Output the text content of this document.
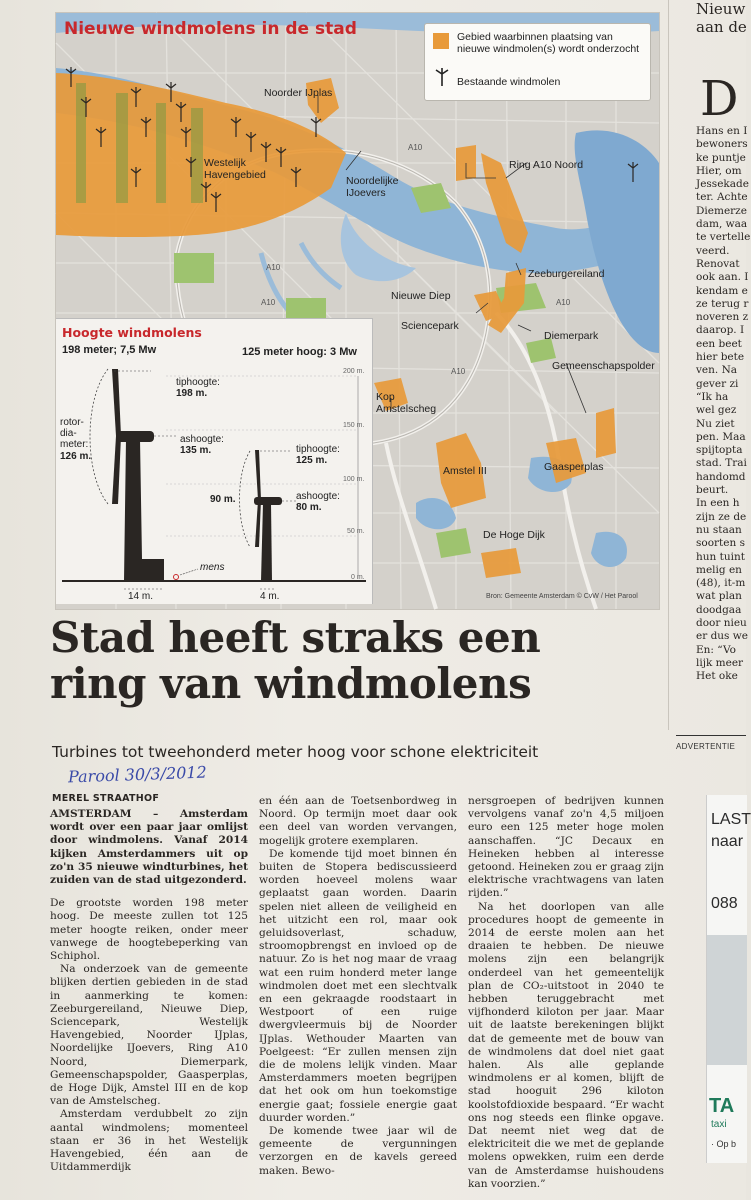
Nieuwe windmolens in de stad	Gebied waarbinnen plaatsing van nieuwe windmolen(s) wordt onderzocht
Bestaande windmolen
Noorder IJplas
Westelijk Havengebied	Noordelijke IJoevers
Ring A10 Noord
Zeeburgereiland
Nieuwe Diep
Sciencepark
Diemerpark
Gemeenschapspolder
Kop Amstelscheg
Amstel III	Gaasperplas
De Hoge Dijk
A10
A10
A10
A10
A10
Bron: Gemeente Amsterdam © CvW / Het Parool
Hoogte windmolens
198 meter; 7,5 Mw	125 meter hoog: 3 Mw
tiphoogte:
198 m.
ashoogte:
135 m.
rotor-
dia-
meter:
126 m.
tiphoogte:
125 m.
ashoogte:
80 m.
90 m.
mens
14 m.	4 m.
200 m.
150 m.
100 m.
50 m.
0 m.
Stad heeft straks een
ring van windmolens
Turbines tot tweehonderd meter hoog voor schone elektriciteit
Parool 30/3/2012
MEREL STRAATHOF

AMSTERDAM – Amsterdam wordt over een paar jaar omlijst door windmolens. Vanaf 2014 kijken Amsterdammers uit op zo'n 35 nieuwe windturbines, het zuiden van de stad uitgezonderd.

De grootste worden 198 meter hoog. De meeste zullen tot 125 meter hoogte reiken, onder meer vanwege de hoogtebeperking van Schiphol.

Na onderzoek van de gemeente blijken dertien gebieden in de stad in aanmerking te komen: Zeeburgereiland, Nieuwe Diep, Sciencepark, Westelijk Havengebied, Noorder IJplas, Noordelijke IJoevers, Ring A10 Noord, Diemerpark, Gemeenschapspolder, Gaasperplas, de Hoge Dijk, Amstel III en de kop van de Amstelscheg.

Amsterdam verdubbelt zo zijn aantal windmolens; momenteel staan er 36 in het Westelijk Havengebied, één aan de Uitdammerdijk

en één aan de Toetsenbordweg in Noord. Op termijn moet daar ook een deel van worden vervangen, mogelijk grotere exemplaren.

De komende tijd moet binnen én buiten de Stopera bediscussieerd worden hoeveel molens waar geplaatst gaan worden. Daarin spelen niet alleen de veiligheid en het uitzicht een rol, maar ook geluidsoverlast, schaduw, stroomopbrengst en invloed op de natuur. Zo is het nog maar de vraag wat een ruim honderd meter lange windmolen doet met een slechtvalk en een gekraagde roodstaart in Westpoort of een ruige dwergvleermuis bij de Noorder IJplas. Wethouder Maarten van Poelgeest: “Er zullen mensen zijn die de molens lelijk vinden. Maar Amsterdammers moeten begrijpen dat het ook om hun toekomstige energie gaat; fossiele energie gaat duurder worden.”

De komende twee jaar wil de gemeente de vergunningen verzorgen en de kavels gereed maken. Bewo-

nersgroepen of bedrijven kunnen vervolgens vanaf zo'n 4,5 miljoen euro een 125 meter hoge molen aanschaffen. “JC Decaux en Heineken hebben al interesse getoond. Heineken zou er graag zijn elektrische vrachtwagens van laten rijden.”

Na het doorlopen van alle procedures hoopt de gemeente in 2014 de eerste molen aan het draaien te hebben. De nieuwe molens zijn een belangrijk onderdeel van het gemeentelijk plan de CO₂-uitstoot in 2040 te hebben teruggebracht met vijfhonderd kiloton per jaar. Maar uit de laatste berekeningen blijkt dat de gemeente met de bouw van de windmolens dat doel niet gaat halen. Als alle geplande windmolens er al komen, blijft de stad hooguit 296 kiloton koolstofdioxide bespaard. “Er wacht ons nog steeds een flinke opgave. Dat neemt niet weg dat de elektriciteit die we met de geplande molens opwekken, ruim een derde van de Amsterdamse huishoudens kan voorzien.”

Nieuw
aan de
D
Hans en I
bewoners
ke puntje
Hier, om
Jessekade
ter. Achte
Diemerze
dam, waa
te vertelle
veerd.
Renovat
ook aan. I
kendam e
ze terug r
noveren z
daarop. I
een beet
hier bete
ven. Na
gever zi
“Ik ha
wel gez
Nu ziet
pen. Maa
spijtopta
stad. Trai
handomd
beurt.
In een h
zijn ze de
nu staan
soorten s
hun tuint
melig en
(48), it-m
wat plan
doodgaa
door nieu
er dus we
En: “Vo
lijk meer
Het oke
ADVERTENTIE
LAST
naar
088
TA
taxi
· Op b
